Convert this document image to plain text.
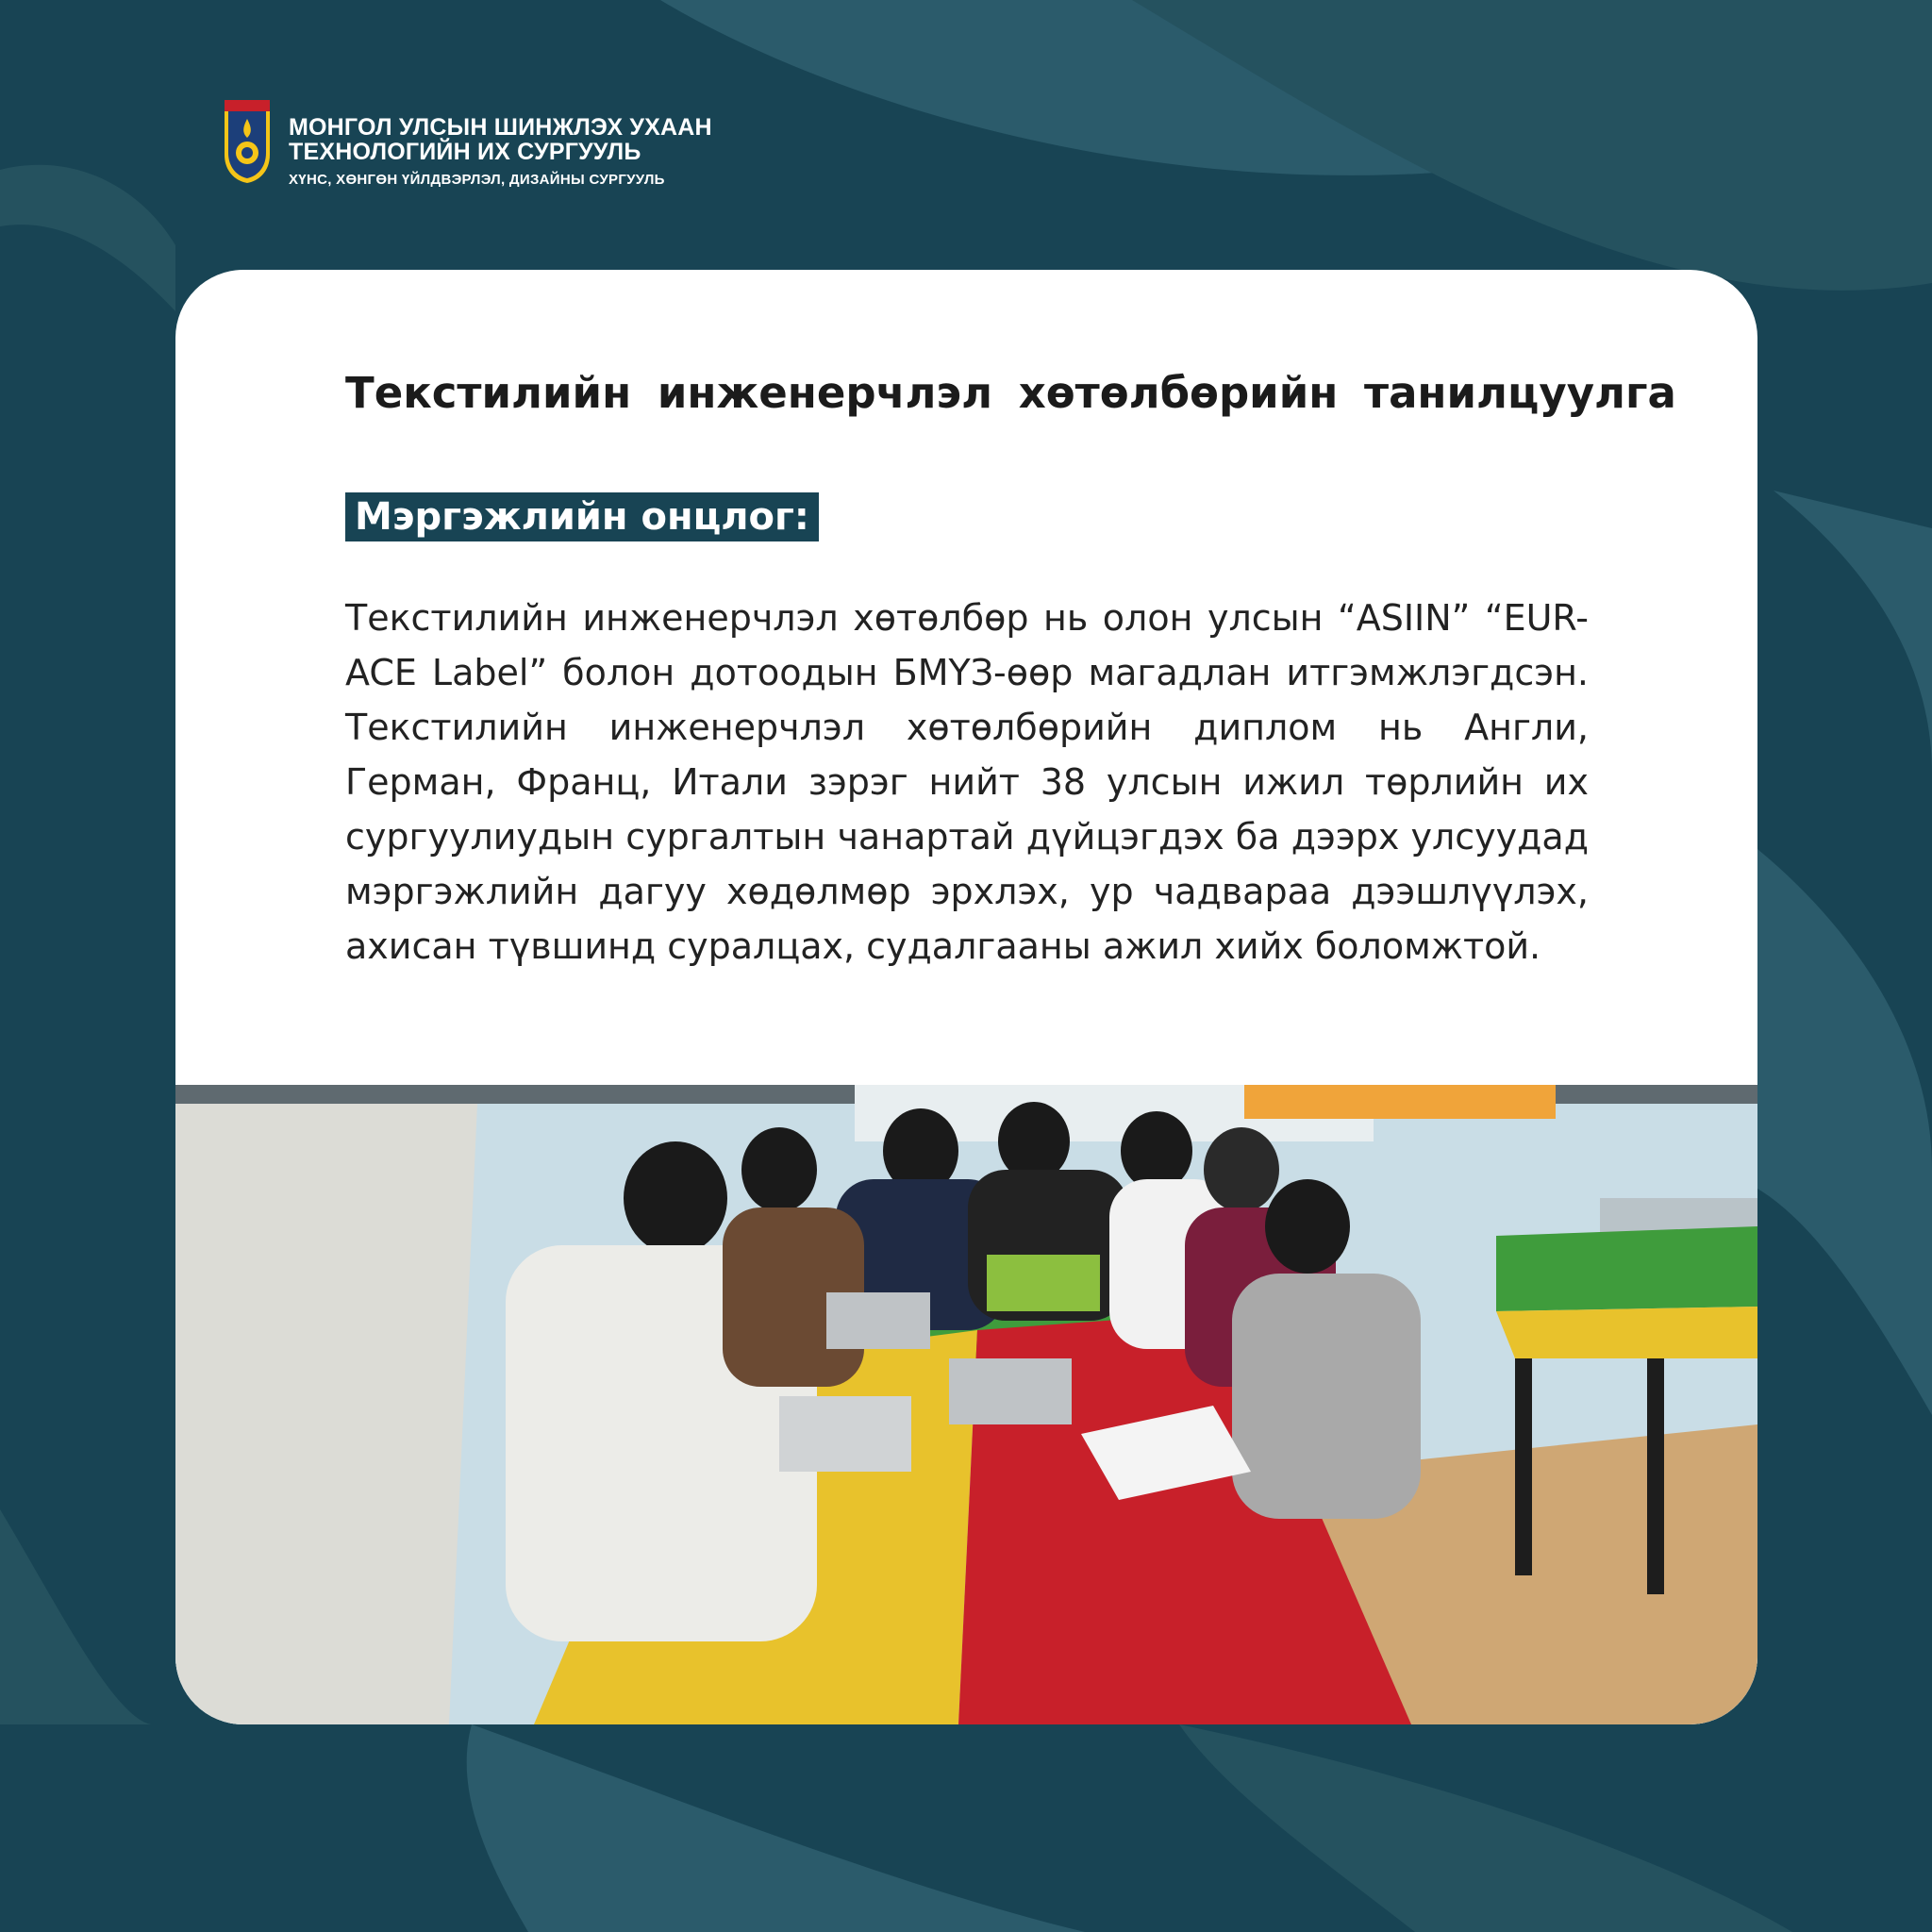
МОНГОЛ УЛСЫН ШИНЖЛЭХ УХААН
ТЕХНОЛОГИЙН ИХ СУРГУУЛЬ
ХҮНС, ХӨНГӨН ҮЙЛДВЭРЛЭЛ, ДИЗАЙНЫ СУРГУУЛЬ
Текстилийн инженерчлэл хөтөлбөрийн танилцуулга
Мэргэжлийн онцлог:

Текстилийн инженерчлэл хөтөлбөр нь олон улсын “ASIIN” “EUR-ACE Label” болон дотоодын БМҮЗ-өөр магадлан итгэмжлэгдсэн. Текстилийн инженерчлэл хөтөлбөрийн диплом нь Англи, Герман, Франц, Итали зэрэг нийт 38 улсын ижил төрлийн их сургуулиудын сургалтын чанартай дүйцэгдэх ба дээрх улсуудад мэргэжлийн дагуу хөдөлмөр эрхлэх, ур чадвараа дээшлүүлэх, ахисан түвшинд суралцах, судалгааны ажил хийх боломжтой.
